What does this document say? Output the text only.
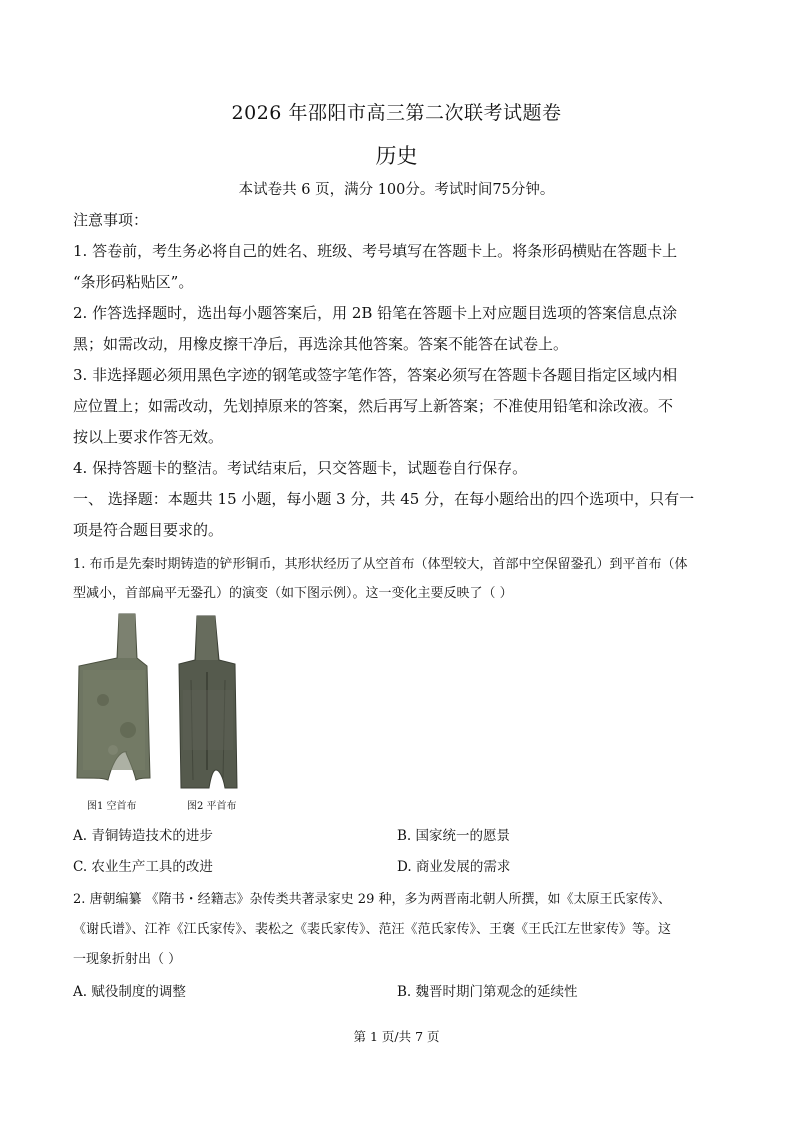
2026 年邵阳市高三第二次联考试题卷
历史
本试卷共 6 页，满分 100分。考试时间75分钟。
注意事项：
1. 答卷前，考生务必将自己的姓名、班级、考号填写在答题卡上。将条形码横贴在答题卡上
“条形码粘贴区”。
2. 作答选择题时，选出每小题答案后，用 2B 铅笔在答题卡上对应题目选项的答案信息点涂
黑；如需改动，用橡皮擦干净后，再选涂其他答案。答案不能答在试卷上。
3. 非选择题必须用黑色字迹的钢笔或签字笔作答，答案必须写在答题卡各题目指定区域内相
应位置上；如需改动，先划掉原来的答案，然后再写上新答案；不准使用铅笔和涂改液。不
按以上要求作答无效。
4. 保持答题卡的整洁。考试结束后，只交答题卡，试题卷自行保存。
一、 选择题：本题共 15 小题，每小题 3 分，共 45 分，在每小题给出的四个选项中，只有一
项是符合题目要求的。
1. 布币是先秦时期铸造的铲形铜币，其形状经历了从空首布（体型较大，首部中空保留銎孔）到平首布（体
型减小，首部扁平无銎孔）的演变（如下图示例）。这一变化主要反映了（ ）
图1 空首布	图2 平首布
A. 青铜铸造技术的进步	B. 国家统一的愿景
C. 农业生产工具的改进	D. 商业发展的需求
2. 唐朝编纂 《隋书・经籍志》杂传类共著录家史 29 种，多为两晋南北朝人所撰，如《太原王氏家传》、
《谢氏谱》、江祚《江氏家传》、裴松之《裴氏家传》、范汪《范氏家传》、王褒《王氏江左世家传》等。这
一现象折射出（ ）
A. 赋役制度的调整	B. 魏晋时期门第观念的延续性
第 1 页/共 7 页
